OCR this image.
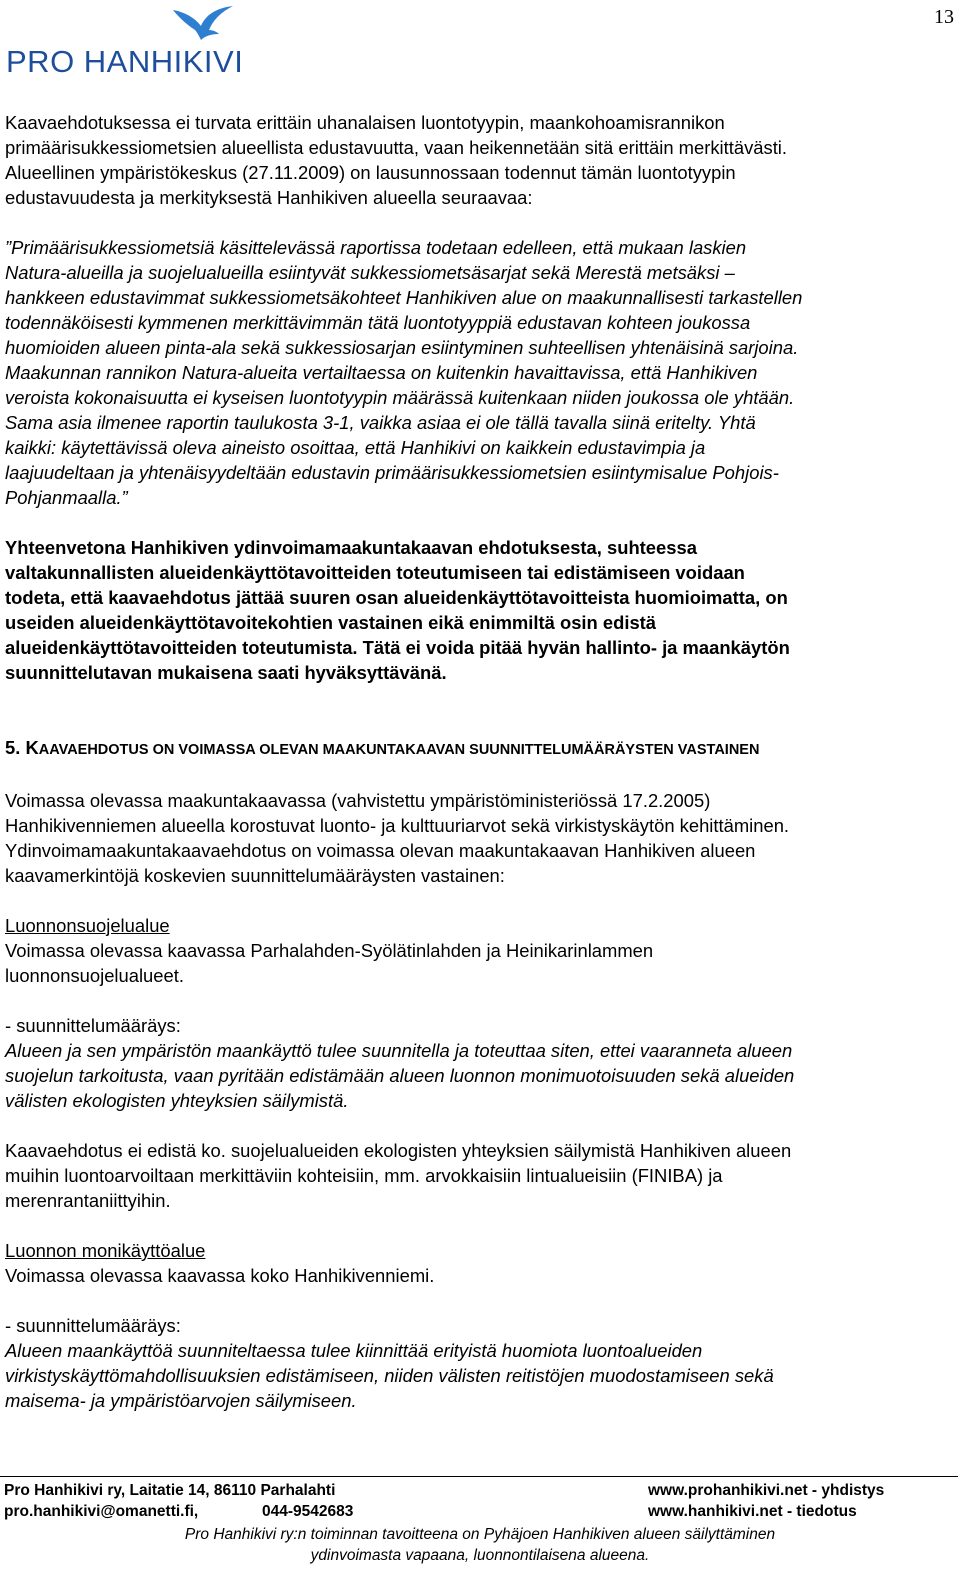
PRO HANHIKIVI
13
Kaavaehdotuksessa ei turvata erittäin uhanalaisen luontotyypin, maankohoamisrannikon
primäärisukkessiometsien alueellista edustavuutta, vaan heikennetään sitä erittäin merkittävästi.
Alueellinen ympäristökeskus (27.11.2009) on lausunnossaan todennut tämän luontotyypin
edustavuudesta ja merkityksestä Hanhikiven alueella seuraavaa:
”Primäärisukkessiometsiä käsittelevässä raportissa todetaan edelleen, että mukaan laskien
Natura-alueilla ja suojelualueilla esiintyvät sukkessiometsäsarjat sekä Merestä metsäksi –
hankkeen edustavimmat sukkessiometsäkohteet Hanhikiven alue on maakunnallisesti tarkastellen
todennäköisesti kymmenen merkittävimmän tätä luontotyyppiä edustavan kohteen joukossa
huomioiden alueen pinta-ala sekä sukkessiosarjan esiintyminen suhteellisen yhtenäisinä sarjoina.
Maakunnan rannikon Natura-alueita vertailtaessa on kuitenkin havaittavissa, että Hanhikiven
veroista kokonaisuutta ei kyseisen luontotyypin määrässä kuitenkaan niiden joukossa ole yhtään.
Sama asia ilmenee raportin taulukosta 3-1, vaikka asiaa ei ole tällä tavalla siinä eritelty. Yhtä
kaikki: käytettävissä oleva aineisto osoittaa, että Hanhikivi on kaikkein edustavimpia ja
laajuudeltaan ja yhtenäisyydeltään edustavin primäärisukkessiometsien esiintymisalue Pohjois-
Pohjanmaalla.”
Yhteenvetona Hanhikiven ydinvoimamaakuntakaavan ehdotuksesta, suhteessa
valtakunnallisten alueidenkäyttötavoitteiden toteutumiseen tai edistämiseen voidaan
todeta, että kaavaehdotus jättää suuren osan alueidenkäyttötavoitteista huomioimatta, on
useiden alueidenkäyttötavoitekohtien vastainen eikä enimmiltä osin edistä
alueidenkäyttötavoitteiden toteutumista. Tätä ei voida pitää hyvän hallinto- ja maankäytön
suunnittelutavan mukaisena saati hyväksyttävänä.
5. KAAVAEHDOTUS ON VOIMASSA OLEVAN MAAKUNTAKAAVAN SUUNNITTELUMÄÄRÄYSTEN VASTAINEN
Voimassa olevassa maakuntakaavassa (vahvistettu ympäristöministeriössä 17.2.2005)
Hanhikivenniemen alueella korostuvat luonto- ja kulttuuriarvot sekä virkistyskäytön kehittäminen.
Ydinvoimamaakuntakaavaehdotus on voimassa olevan maakuntakaavan Hanhikiven alueen
kaavamerkintöjä koskevien suunnittelumääräysten vastainen:
Luonnonsuojelualue
Voimassa olevassa kaavassa Parhalahden-Syölätinlahden ja Heinikarinlammen
luonnonsuojelualueet.
- suunnittelumääräys:
Alueen ja sen ympäristön maankäyttö tulee suunnitella ja toteuttaa siten, ettei vaaranneta alueen
suojelun tarkoitusta, vaan pyritään edistämään alueen luonnon monimuotoisuuden sekä alueiden
välisten ekologisten yhteyksien säilymistä.
Kaavaehdotus ei edistä ko. suojelualueiden ekologisten yhteyksien säilymistä Hanhikiven alueen
muihin luontoarvoiltaan merkittäviin kohteisiin, mm. arvokkaisiin lintualueisiin (FINIBA) ja
merenrantaniittyihin.
Luonnon monikäyttöalue
Voimassa olevassa kaavassa koko Hanhikivenniemi.
- suunnittelumääräys:
Alueen maankäyttöä suunniteltaessa tulee kiinnittää erityistä huomiota luontoalueiden
virkistyskäyttömahdollisuuksien edistämiseen, niiden välisten reitistöjen muodostamiseen sekä
maisema- ja ympäristöarvojen säilymiseen.
Pro Hanhikivi ry, Laitatie 14, 86110 Parhalahti	www.prohanhikivi.net - yhdistys
pro.hanhikivi@omanetti.fi,	044-9542683	www.hanhikivi.net - tiedotus
Pro Hanhikivi ry:n toiminnan tavoitteena on Pyhäjoen Hanhikiven alueen säilyttäminen
ydinvoimasta vapaana, luonnontilaisena alueena.
